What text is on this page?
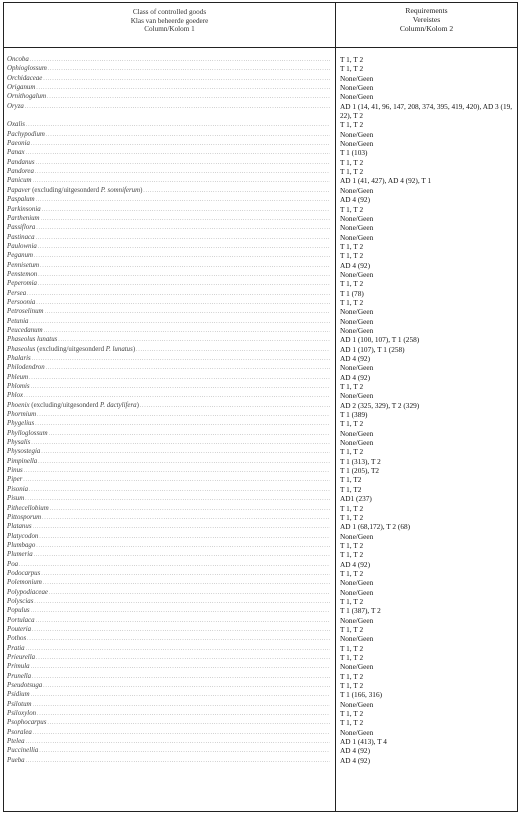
Class of controlled goods
Klas van beheerde goedere
Column/Kolom 1
Requirements
Vereistes
Column/Kolom 2
Oncoba .....	T 1, T 2
Ophioglossum .....	T 1, T 2
Orchidaceae .....	None/Geen
Origanum .....	None/Geen
Ornithogalum .....	None/Geen
Oryza .....	AD 1 (14, 41, 96, 147, 208, 374, 395, 419, 420), AD 3 (19, 22), T 2
Oxalis .....	T 1, T 2
Pachypodium .....	None/Geen
Paeonia .....	None/Geen
Panax .....	T 1 (103)
Pandanus .....	T 1, T 2
Pandorea .....	T 1, T 2
Panicum .....	AD 1 (41, 427), AD 4 (92), T 1
Papaver (excluding/uitgesonderd P. somniferum) .....	None/Geen
Paspalum .....	AD 4 (92)
Parkinsonia .....	T 1, T 2
Parthenium .....	None/Geen
Passiflora .....	None/Geen
Pastinaca .....	None/Geen
Paulownia .....	T 1, T 2
Peganum .....	T 1, T 2
Pennisetum .....	AD 4 (92)
Penstemon .....	None/Geen
Peperomia .....	T 1, T 2
Persea .....	T 1 (78)
Persoonia .....	T 1, T 2
Petroselinum .....	None/Geen
Petunia .....	None/Geen
Peucedanum .....	None/Geen
Phaseolus lunatus .....	AD 1 (100, 107), T 1 (258)
Phaseolus (excluding/uitgesonderd P. lunatus) .....	AD 1 (107), T 1 (258)
Phalaris .....	AD 4 (92)
Philodendron .....	None/Geen
Phleum .....	AD 4 (92)
Phlomis .....	T 1, T 2
Phlox .....	None/Geen
Phoenix (excluding/uitgesonderd P. dactylifera) .....	AD 2 (325, 329), T 2 (329)
Phormium .....	T 1 (389)
Phygelius .....	T 1, T 2
Phylloglossum .....	None/Geen
Physalis .....	None/Geen
Physostegia .....	T 1, T 2
Pimpinella .....	T 1 (313), T 2
Pinus .....	T 1 (205), T2
Piper .....	T 1, T2
Pisonia .....	T 1, T2
Pisum .....	AD1 (237)
Pithecellobium .....	T 1, T 2
Pittosporum .....	T 1, T 2
Platanus .....	AD 1 (68,172), T 2 (68)
Platycodon .....	None/Geen
Plumbago .....	T 1, T 2
Plumeria .....	T 1, T 2
Poa .....	AD 4 (92)
Podocarpus .....	T 1, T 2
Polemonium .....	None/Geen
Polypodiaceae .....	None/Geen
Polyscias .....	T 1, T 2
Populus .....	T 1 (387), T 2
Portulaca .....	None/Geen
Pouteria .....	T 1, T 2
Pothos .....	None/Geen
Pratia .....	T 1, T 2
Prieurella .....	T 1, T 2
Primula .....	None/Geen
Prunella .....	T 1, T 2
Pseudotsuga .....	T 1, T 2
Psidium .....	T 1 (166, 316)
Psilotum .....	None/Geen
Psiloxylon .....	T 1, T 2
Psophocarpus .....	T 1, T 2
Psoralea .....	None/Geen
Ptelea .....	AD 1 (413), T 4
Puccinellia .....	AD 4 (92)
Pueba .....	AD 4 (92)
